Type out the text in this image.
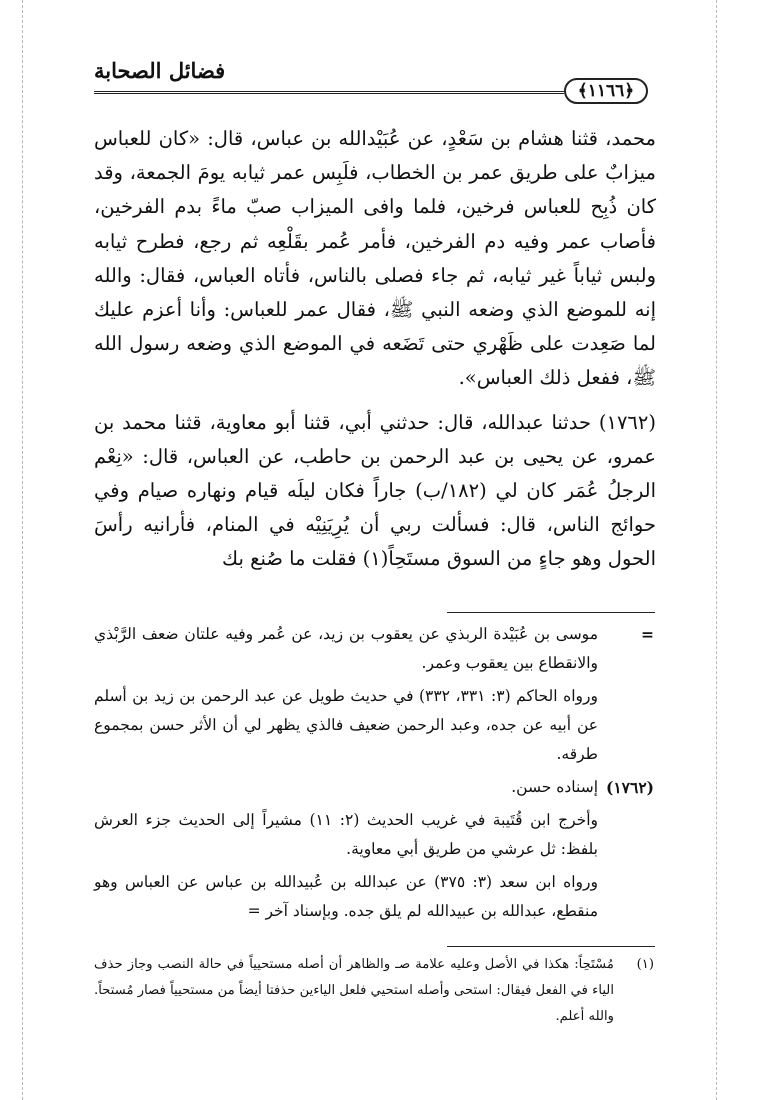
فضائل الصحابة
﴿١١٦٦﴾

محمد، قثنا هشام بن سَعْدٍ، عن عُبَيْدالله بن عباس، قال: «كان للعباس ميزابٌ على طريق عمر بن الخطاب، فلَبِس عمر ثيابه يومَ الجمعة، وقد كان ذُبِح للعباس فرخين، فلما وافى الميزاب صبّ ماءً بدم الفرخين، فأصاب عمر وفيه دم الفرخين، فأمر عُمر بقَلْعِه ثم رجع، فطرح ثيابه ولبس ثياباً غير ثيابه، ثم جاء فصلى بالناس، فأتاه العباس، فقال: والله إنه للموضع الذي وضعه النبي ﷺ، فقال عمر للعباس: وأنا أعزم عليك لما صَعِدت على ظَهْري حتى تَضَعه في الموضع الذي وضعه رسول الله ﷺ، ففعل ذلك العباس».

(١٧٦٢) حدثنا عبدالله، قال: حدثني أبي، قثنا أبو معاوية، قثنا محمد بن عمرو، عن يحيى بن عبد الرحمن بن حاطب، عن العباس، قال: «نِعْم الرجلُ عُمَر كان لي (١٨٢/ب) جاراً فكان ليلَه قيام ونهاره صيام وفي حوائج الناس، قال: فسألت ربي أن يُرِيَنِيْه في المنام، فأرانيه رأسَ الحول وهو جاءٍ من السوق مستَحِاً(١) فقلت ما صُنع بك

=

موسى بن عُبَيْدة الربذي عن يعقوب بن زيد، عن عُمر وفيه علتان ضعف الرَّبْذي والانقطاع بين يعقوب وعمر.

ورواه الحاكم (٣: ٣٣١، ٣٣٢) في حديث طويل عن عبد الرحمن بن زيد بن أسلم عن أبيه عن جده، وعبد الرحمن ضعيف فالذي يظهر لي أن الأثر حسن بمجموع طرقه.

(١٧٦٢)

إسناده حسن.

وأخرج ابن قُتَيبة في غريب الحديث (٢: ١١) مشيراً إلى الحديث جزء العرش بلفظ: ثل عرشي من طريق أبي معاوية.

ورواه ابن سعد (٣: ٣٧٥) عن عبدالله بن عُبيدالله بن عباس عن العباس وهو منقطع، عبدالله بن عبيدالله لم يلق جده. وبإسناد آخر =

(١)

مُسْتَحِاً: هكذا في الأصل وعليه علامة صـ والظاهر أن أصله مستحيياً في حالة النصب وجاز حذف الياء في الفعل فيقال: استحى وأصله استحيي فلعل الياءين حذفتا أيضاً من مستحيياً فصار مُستحاً. والله أعلم.
